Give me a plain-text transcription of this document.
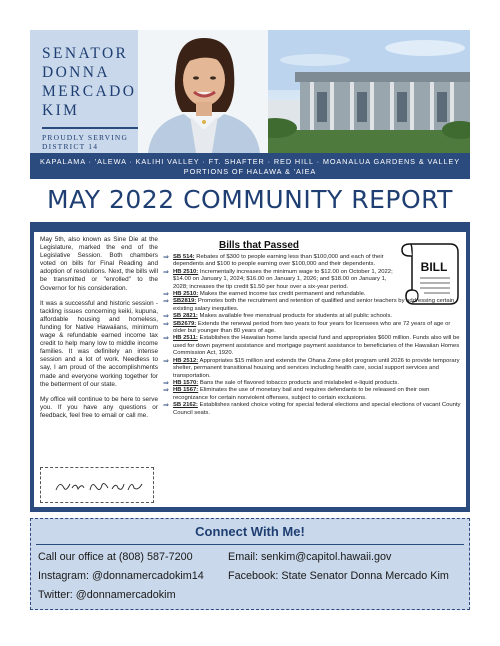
SENATOR
DONNA
MERCADO
KIM
PROUDLY SERVING
DISTRICT 14
KAPALAMA · 'ALEWA · KALIHI VALLEY · FT. SHAFTER · RED HILL · MOANALUA GARDENS & VALLEY
PORTIONS OF HALAWA & 'AIEA
MAY 2022 COMMUNITY REPORT

May 5th, also known as Sine Die at the Legislature, marked the end of the Legislative Session. Both chambers voted on bills for Final Reading and adoption of resolutions. Next, the bills will be transmitted or "enrolled" to the Governor for his consideration.

It was a successful and historic session - tackling issues concerning keiki, kupuna, affordable housing and homeless, funding for Native Hawaiians, minimum wage & refundable earned income tax credit to help many low to middle income families. It was definitely an intense session and a lot of work. Needless to say, I am proud of the accomplishments made and everyone working together for the betterment of our state.

My office will continue to be here to serve you. If you have any questions or feedback, feel free to email or call me.

BILL
Bills that Passed
⇒ SB 514: Rebates of $300 to people earning less than $100,000 and each of their dependents and $100 to people earning over $100,000 and their dependents.
⇒ HB 2510: Incrementally increases the minimum wage to $12.00 on October 1, 2022; $14.00 on January 1, 2024; $16.00 on January 1, 2026; and $18.00 on January 1, 2028; increases the tip credit $1.50 per hour over a six-year period.
⇒ HB 2510: Makes the earned income tax credit permanent and refundable.
⇒ SB2819: Promotes both the recruitment and retention of qualified and senior teachers by addressing certain existing salary inequities.
⇒ SB 2821: Makes available free menstrual products for students at all public schools.
⇒ SB2679: Extends the renewal period from two years to four years for licensees who are 72 years of age or older but younger than 80 years of age.
⇒ HB 2511: Establishes the Hawaiian home lands special fund and appropriates $600 million. Funds also will be used for down payment assistance and mortgage payment assistance to beneficiaries of the Hawaiian Homes Commission Act, 1920.
⇒ HB 2512: Appropriates $15 million and extends the Ohana Zone pilot program until 2026 to provide temporary shelter, permanent transitional housing and services including health care, social support services and transportation.
⇒ HB 1570: Bans the sale of flavored tobacco products and mislabeled e-liquid products.
⇒ HB 1567: Eliminates the use of monetary bail and requires defendants to be released on their own recognizance for certain nonviolent offenses, subject to certain exclusions.
⇒ SB 2162: Establishes ranked choice voting for special federal elections and special elections of vacant County Council seats.
Connect With Me!
Call our office at (808) 587-7200	Email: senkim@capitol.hawaii.gov
Instagram: @donnamercadokim14 Facebook: State Senator Donna Mercado Kim
Twitter: @donnamercadokim
